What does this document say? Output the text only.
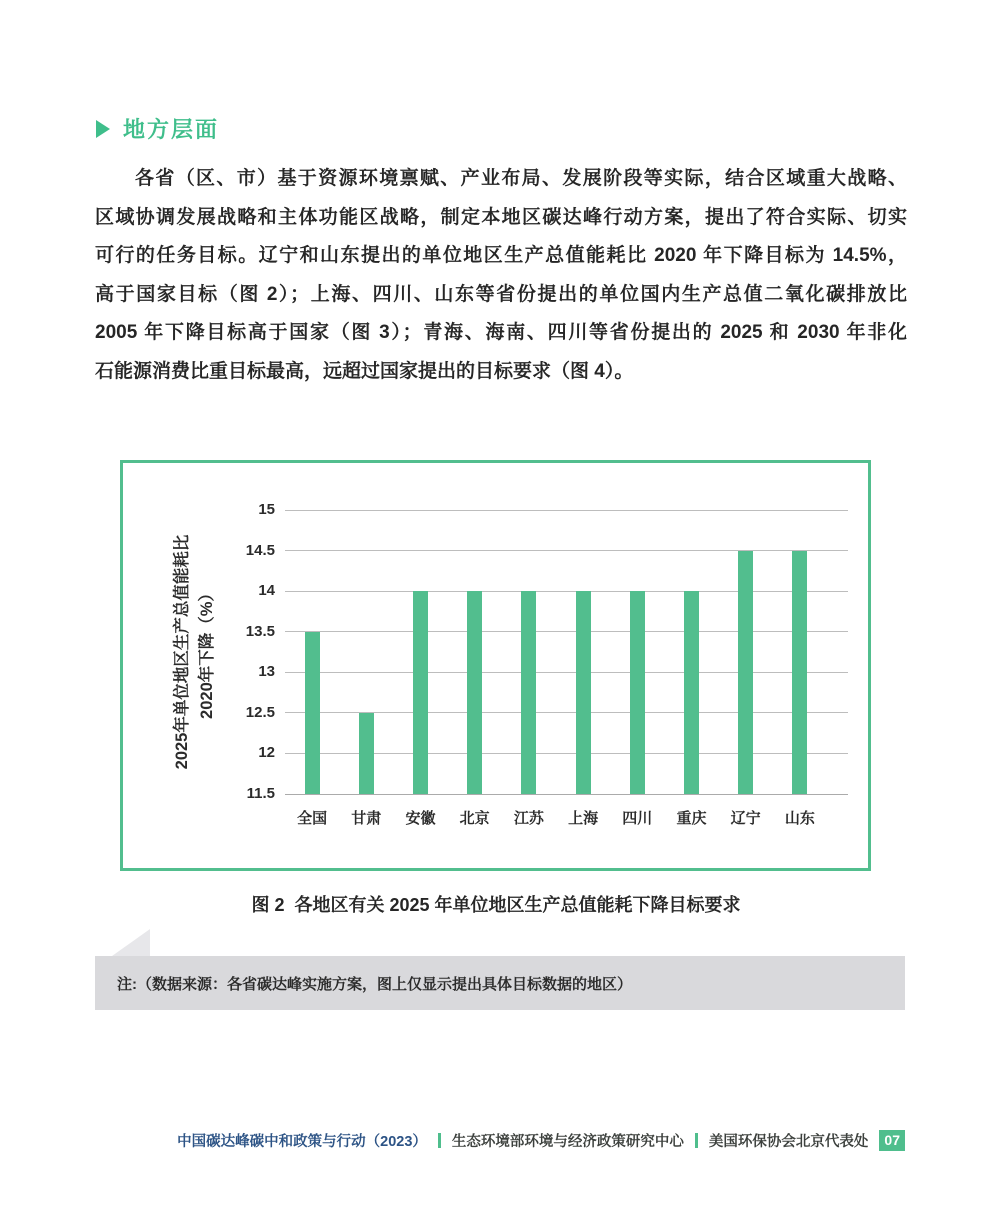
地方层面
各省（区、市）基于资源环境禀赋、产业布局、发展阶段等实际，结合区域重大战略、
区域协调发展战略和主体功能区战略，制定本地区碳达峰行动方案，提出了符合实际、切实
可行的任务目标。辽宁和山东提出的单位地区生产总值能耗比 2020 年下降目标为 14.5%，
高于国家目标（图 2）；上海、四川、山东等省份提出的单位国内生产总值二氧化碳排放比
2005 年下降目标高于国家（图 3）；青海、海南、四川等省份提出的 2025 和 2030 年非化
石能源消费比重目标最高，远超过国家提出的目标要求（图 4）。
2025年单位地区生产总值能耗比 2020年下降（%）
15
14.5
14
13.5
13
12.5
12
11.5
全国	甘肃	安徽	北京	江苏	上海	四川	重庆	辽宁	山东
图 2  各地区有关 2025 年单位地区生产总值能耗下降目标要求
注:（数据来源：各省碳达峰实施方案，图上仅显示提出具体目标数据的地区）
中国碳达峰碳中和政策与行动（2023） 生态环境部环境与经济政策研究中心 美国环保协会北京代表处	07
